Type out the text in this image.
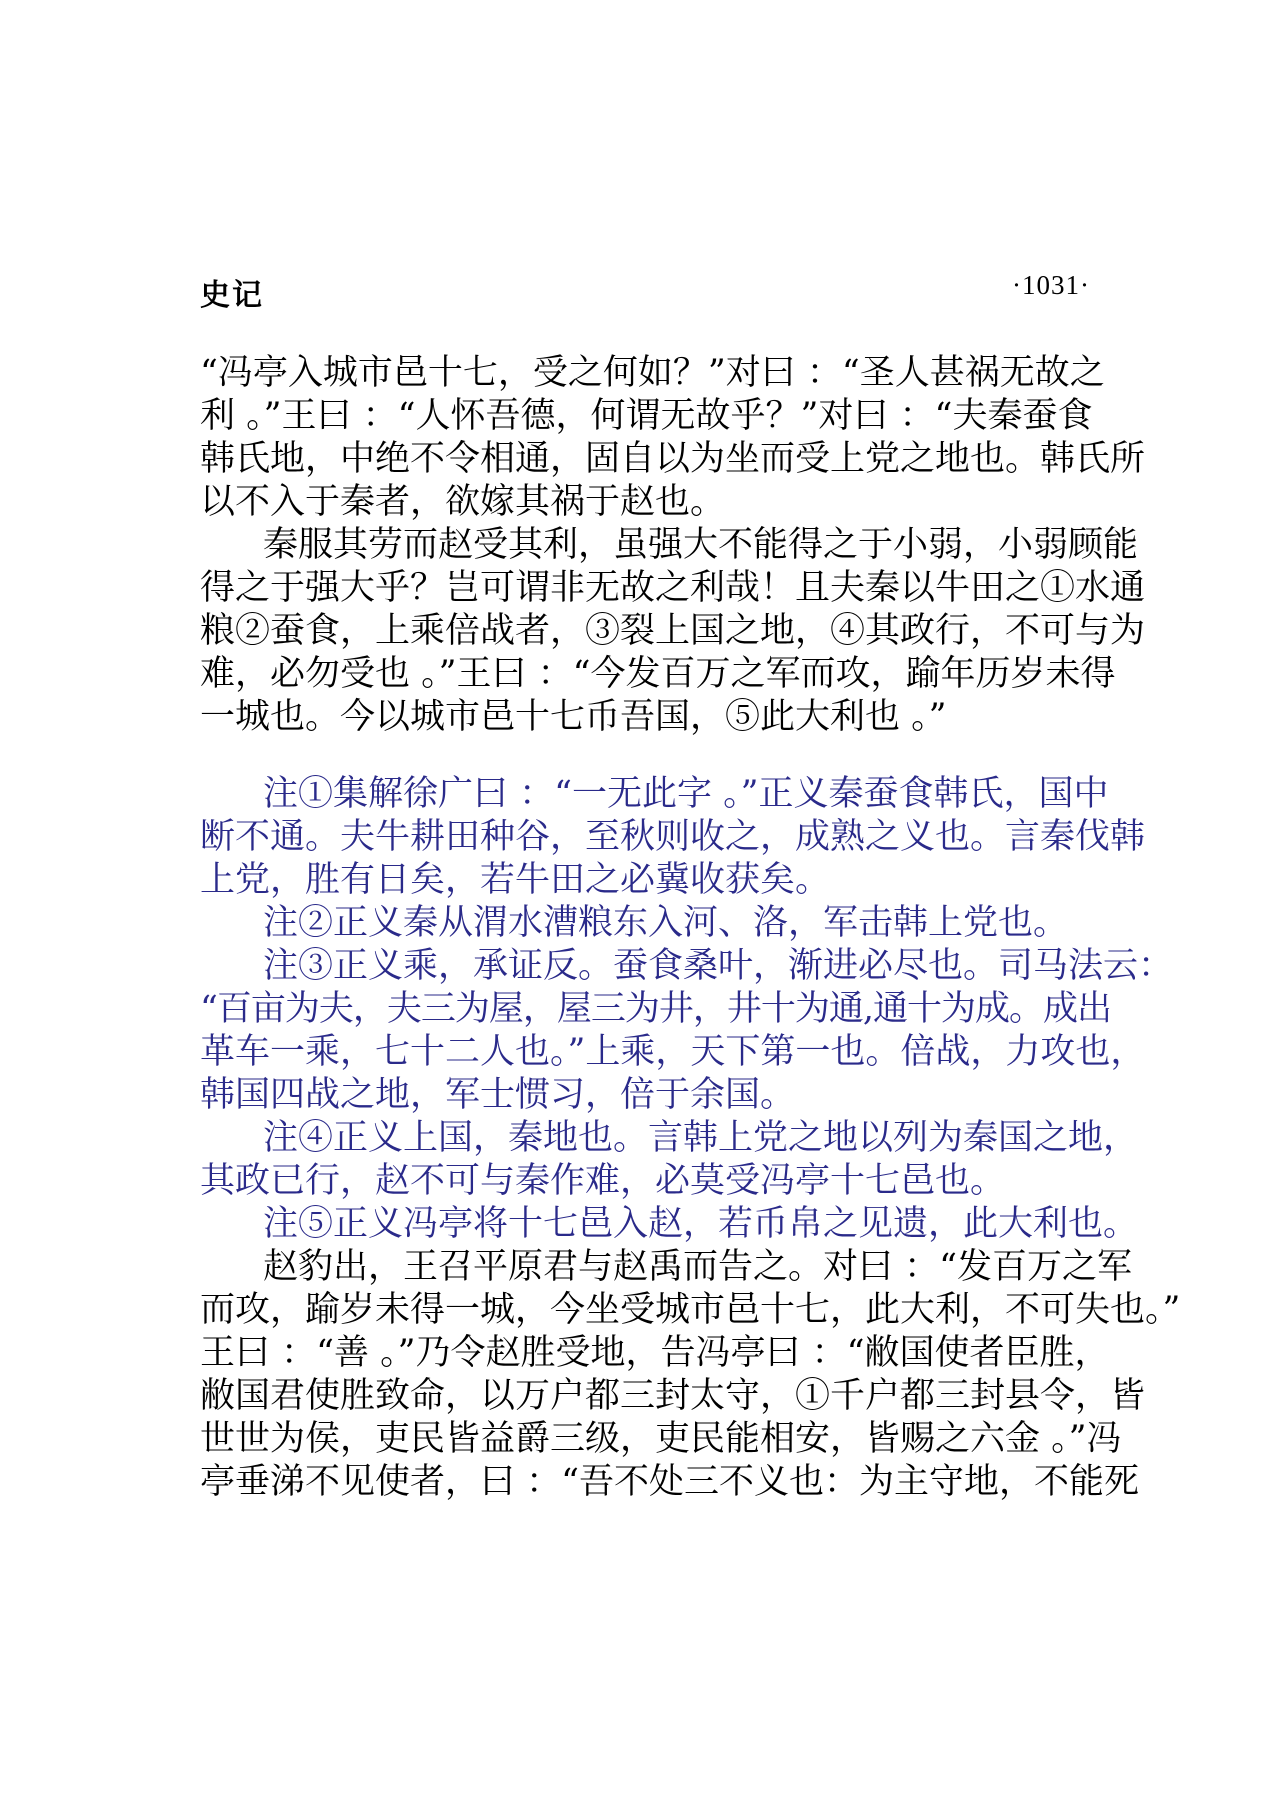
史记	·1031·
“冯亭入城市邑十七，受之何如？”对曰 ：“圣人甚祸无故之
利 。”王曰 ：“人怀吾德，何谓无故乎？”对曰 ：“夫秦蚕食
韩氏地，中绝不令相通，固自以为坐而受上党之地也。韩氏所
以不入于秦者，欲嫁其祸于赵也。
秦服其劳而赵受其利，虽强大不能得之于小弱，小弱顾能
得之于强大乎？岂可谓非无故之利哉！且夫秦以牛田之①水通
粮②蚕食，上乘倍战者，③裂上国之地，④其政行，不可与为
难，必勿受也 。”王曰 ：“今发百万之军而攻，踰年历岁未得
一城也。今以城市邑十七币吾国，⑤此大利也 。”
注①集解徐广曰 ：“一无此字 。”正义秦蚕食韩氏，国中
断不通。夫牛耕田种谷，至秋则收之，成熟之义也。言秦伐韩
上党，胜有日矣，若牛田之必冀收获矣。
注②正义秦从渭水漕粮东入河、洛，军击韩上党也。
注③正义乘，承证反。蚕食桑叶，渐进必尽也。司马法云：
“百亩为夫，夫三为屋，屋三为井，井十为通,通十为成。成出
革车一乘，七十二人也。”上乘，天下第一也。倍战，力攻也，
韩国四战之地，军士惯习，倍于余国。
注④正义上国，秦地也。言韩上党之地以列为秦国之地，
其政已行，赵不可与秦作难，必莫受冯亭十七邑也。
注⑤正义冯亭将十七邑入赵，若币帛之见遗，此大利也。
赵豹出，王召平原君与赵禹而告之。对曰 ：“发百万之军
而攻，踰岁未得一城，今坐受城市邑十七，此大利，不可失也。”
王曰 ：“善 。”乃令赵胜受地，告冯亭曰 ：“敝国使者臣胜，
敝国君使胜致命，以万户都三封太守，①千户都三封县令，皆
世世为侯，吏民皆益爵三级，吏民能相安，皆赐之六金 。”冯
亭垂涕不见使者，曰 ：“吾不处三不义也：为主守地，不能死
